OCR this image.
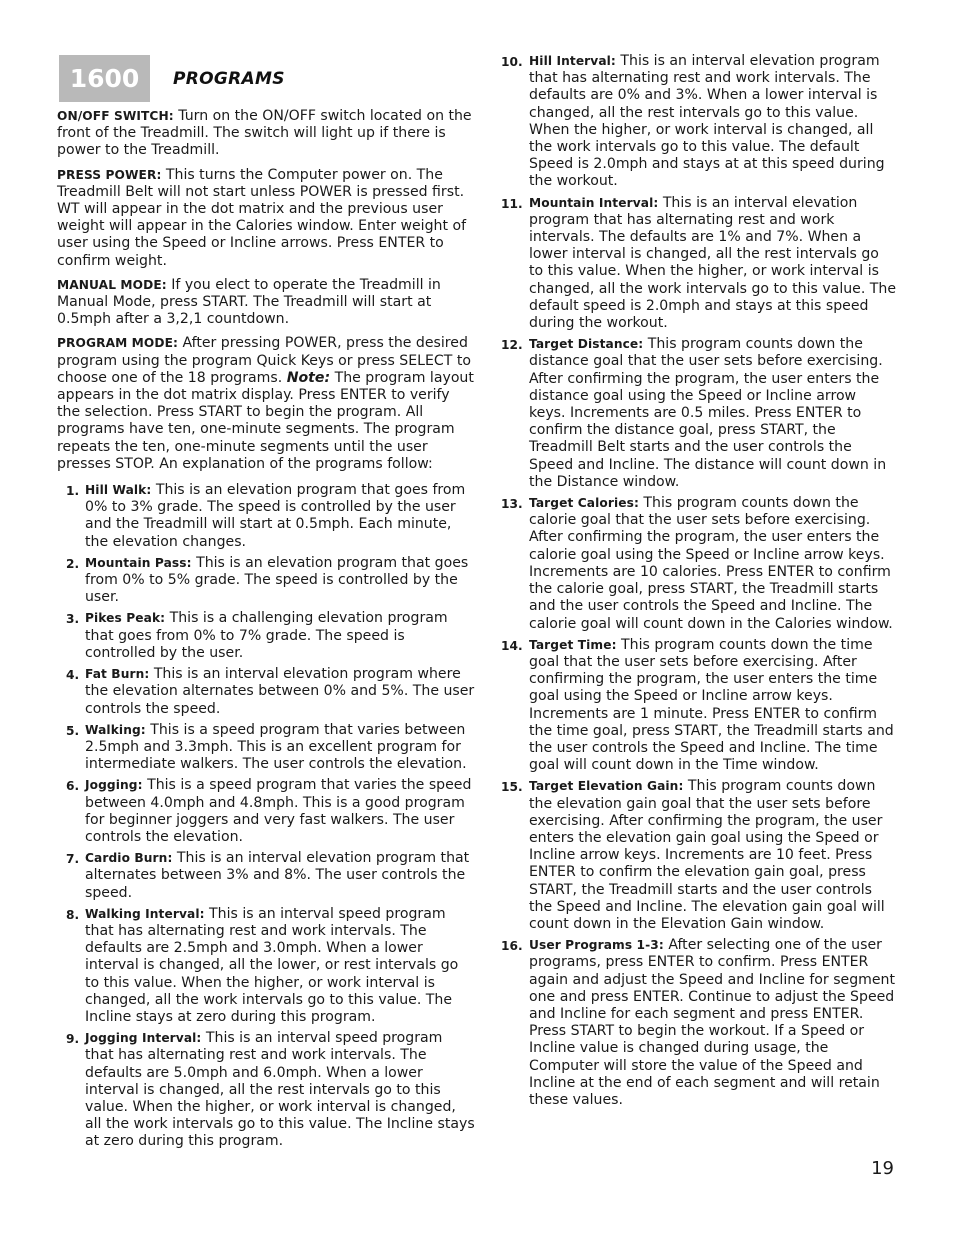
1600	PROGRAMS

ON/OFF SWITCH: Turn on the ON/OFF switch located on the front of the Treadmill. The switch will light up if there is power to the Treadmill.

PRESS POWER: This turns the Computer power on. The Treadmill Belt will not start unless POWER is pressed first. WT will appear in the dot matrix and the previous user weight will appear in the Calories window. Enter weight of user using the Speed or Incline arrows. Press ENTER to confirm weight.

MANUAL MODE: If you elect to operate the Treadmill in Manual Mode, press START. The Treadmill will start at 0.5mph after a 3,2,1 countdown.

PROGRAM MODE: After pressing POWER, press the desired program using the program Quick Keys or press SELECT to choose one of the 18 programs. Note: The program layout appears in the dot matrix display. Press ENTER to verify the selection. Press START to begin the program. All programs have ten, one-minute segments. The program repeats the ten, one-minute segments until the user presses STOP. An explanation of the programs follow:

1. Hill Walk: This is an elevation program that goes from 0% to 3% grade. The speed is controlled by the user and the Treadmill will start at 0.5mph. Each minute, the elevation changes.
2. Mountain Pass: This is an elevation program that goes from 0% to 5% grade. The speed is controlled by the user.
3. Pikes Peak: This is a challenging elevation program that goes from 0% to 7% grade. The speed is controlled by the user.
4. Fat Burn: This is an interval elevation program where the elevation alternates between 0% and 5%. The user controls the speed.
5. Walking: This is a speed program that varies between 2.5mph and 3.3mph. This is an excellent program for intermediate walkers. The user controls the elevation.
6. Jogging: This is a speed program that varies the speed between 4.0mph and 4.8mph. This is a good program for beginner joggers and very fast walkers. The user controls the elevation.
7. Cardio Burn: This is an interval elevation program that alternates between 3% and 8%. The user controls the speed.
8. Walking Interval: This is an interval speed program that has alternating rest and work intervals. The defaults are 2.5mph and 3.0mph. When a lower interval is changed, all the lower, or rest intervals go to this value. When the higher, or work interval is changed, all the work intervals go to this value. The Incline stays at zero during this program.
9. Jogging Interval: This is an interval speed program that has alternating rest and work intervals. The defaults are 5.0mph and 6.0mph. When a lower interval is changed, all the rest intervals go to this value. When the higher, or work interval is changed, all the work intervals go to this value. The Incline stays at zero during this program.
10. Hill Interval: This is an interval elevation program that has alternating rest and work intervals. The defaults are 0% and 3%. When a lower interval is changed, all the rest intervals go to this value. When the higher, or work interval is changed, all the work intervals go to this value. The default Speed is 2.0mph and stays at at this speed during the workout.
11. Mountain Interval: This is an interval elevation program that has alternating rest and work intervals. The defaults are 1% and 7%. When a lower interval is changed, all the rest intervals go to this value. When the higher, or work interval is changed, all the work intervals go to this value. The default speed is 2.0mph and stays at this speed during the workout.
12. Target Distance: This program counts down the distance goal that the user sets before exercising. After confirming the program, the user enters the distance goal using the Speed or Incline arrow keys. Increments are 0.5 miles. Press ENTER to confirm the distance goal, press START, the Treadmill Belt starts and the user controls the Speed and Incline. The distance will count down in the Distance window.
13. Target Calories: This program counts down the calorie goal that the user sets before exercising. After confirming the program, the user enters the calorie goal using the Speed or Incline arrow keys. Increments are 10 calories. Press ENTER to confirm the calorie goal, press START, the Treadmill starts and the user controls the Speed and Incline. The calorie goal will count down in the Calories window.
14. Target Time: This program counts down the time goal that the user sets before exercising. After confirming the program, the user enters the time goal using the Speed or Incline arrow keys. Increments are 1 minute. Press ENTER to confirm the time goal, press START, the Treadmill starts and the user controls the Speed and Incline. The time goal will count down in the Time window.
15. Target Elevation Gain: This program counts down the elevation gain goal that the user sets before exercising. After confirming the program, the user enters the elevation gain goal using the Speed or Incline arrow keys. Increments are 10 feet. Press ENTER to confirm the elevation gain goal, press START, the Treadmill starts and the user controls the Speed and Incline. The elevation gain goal will count down in the Elevation Gain window.
16. User Programs 1-3: After selecting one of the user programs, press ENTER to confirm. Press ENTER again and adjust the Speed and Incline for segment one and press ENTER. Continue to adjust the Speed and Incline for each segment and press ENTER. Press START to begin the workout. If a Speed or Incline value is changed during usage, the Computer will store the value of the Speed and Incline at the end of each segment and will retain these values.
19
